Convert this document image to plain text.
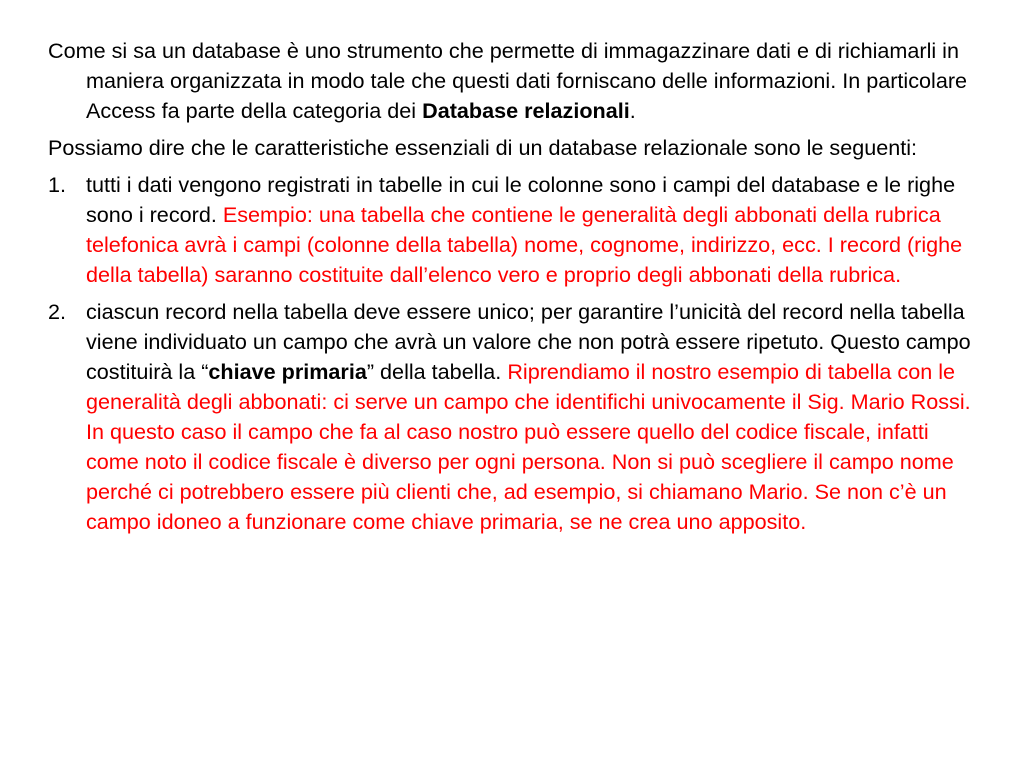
Come si sa un database è uno strumento che permette di immagazzinare dati e di richiamarli in maniera organizzata in modo tale che questi dati forniscano delle informazioni. In particolare Access fa parte della categoria dei Database relazionali.

Possiamo dire che le caratteristiche essenziali di un database relazionale sono le seguenti:

1. tutti i dati vengono registrati in tabelle in cui le colonne sono i campi del database e le righe sono i record. Esempio: una tabella che contiene le generalità degli abbonati della rubrica telefonica avrà i campi (colonne della tabella) nome, cognome, indirizzo, ecc. I record (righe della tabella) saranno costituite dall’elenco vero e proprio degli abbonati della rubrica.
2. ciascun record nella tabella deve essere unico; per garantire l’unicità del record nella tabella viene individuato un campo che avrà un valore che non potrà essere ripetuto. Questo campo costituirà la “chiave primaria” della tabella. Riprendiamo il nostro esempio di tabella con le generalità degli abbonati: ci serve un campo che identifichi univocamente il Sig. Mario Rossi. In questo caso il campo che fa al caso nostro può essere quello del codice fiscale, infatti come noto il codice fiscale è diverso per ogni persona. Non si può scegliere il campo nome perché ci potrebbero essere più clienti che, ad esempio, si chiamano Mario. Se non c’è un campo idoneo a funzionare come chiave primaria, se ne crea uno apposito.
